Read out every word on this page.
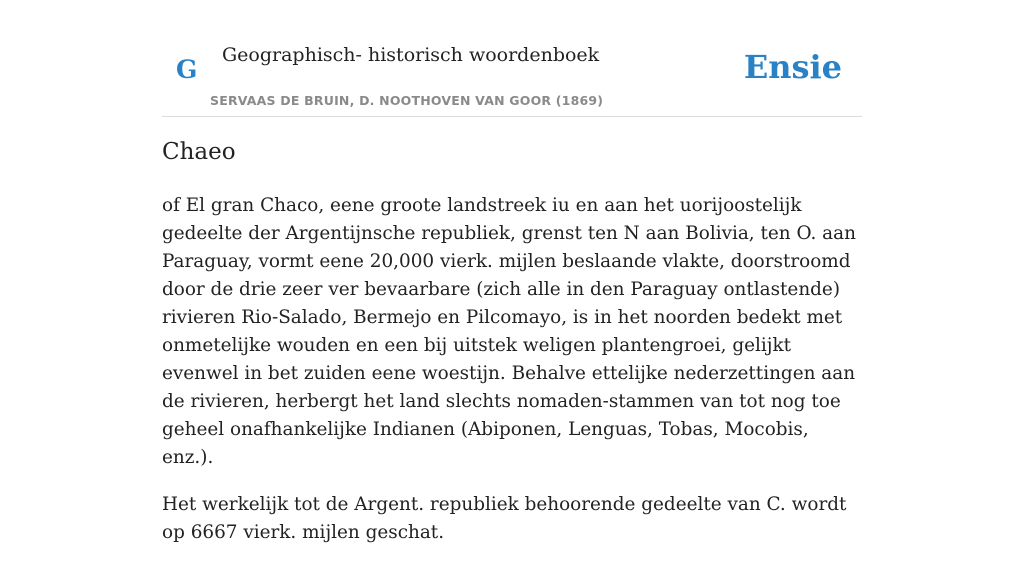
G Geographisch- historisch woordenboek
SERVAAS DE BRUIN, D. NOOTHOVEN VAN GOOR (1869)
Ensie
Chaeo

of El gran Chaco, eene groote landstreek iu en aan het uorijoostelijk gedeelte der Argentijnsche republiek, grenst ten N aan Bolivia, ten O. aan Paraguay, vormt eene 20,000 vierk. mijlen beslaande vlakte, doorstroomd door de drie zeer ver bevaarbare (zich alle in den Paraguay ontlastende) rivieren Rio-Salado, Bermejo en Pilcomayo, is in het noorden bedekt met onmetelijke wouden en een bij uitstek weligen plantengroei, gelijkt evenwel in bet zuiden eene woestijn. Behalve ettelijke nederzettingen aan de rivieren, herbergt het land slechts nomaden-stammen van tot nog toe geheel onafhankelijke Indianen (Abiponen, Lenguas, Tobas, Mocobis, enz.).

Het werkelijk tot de Argent. republiek behoorende gedeelte van C. wordt op 6667 vierk. mijlen geschat.
